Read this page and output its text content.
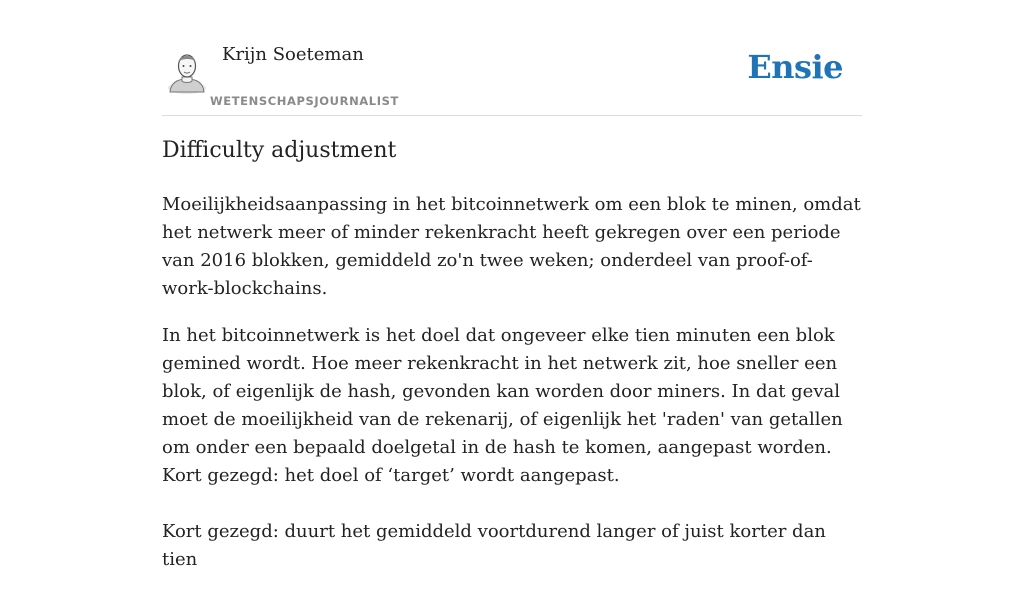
Krijn Soeteman
WETENSCHAPSJOURNALIST
Ensie
Difficulty adjustment

Moeilijkheidsaanpassing in het bitcoinnetwerk om een blok te minen, omdat het netwerk meer of minder rekenkracht heeft gekregen over een periode van 2016 blokken, gemiddeld zo'n twee weken; onderdeel van proof-of-work-blockchains.

In het bitcoinnetwerk is het doel dat ongeveer elke tien minuten een blok gemined wordt. Hoe meer rekenkracht in het netwerk zit, hoe sneller een blok, of eigenlijk de hash, gevonden kan worden door miners. In dat geval moet de moeilijkheid van de rekenarij, of eigenlijk het 'raden' van getallen om onder een bepaald doelgetal in de hash te komen, aangepast worden. Kort gezegd: het doel of ‘target’ wordt aangepast.

Kort gezegd: duurt het gemiddeld voortdurend langer of juist korter dan tien
